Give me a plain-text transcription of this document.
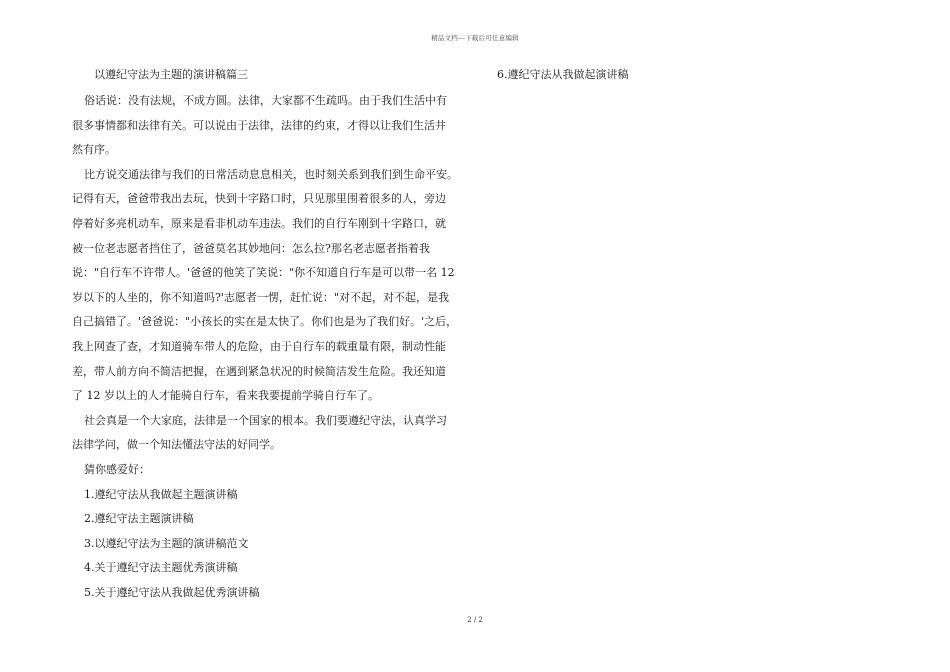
精品文档---下载后可任意编辑
以遵纪守法为主题的演讲稿篇三
俗话说：没有法规，不成方圆。法律，大家都不生疏吗。由于我们生活中有
很多事情都和法律有关。可以说由于法律，法律的约束，才得以让我们生活井
然有序。
比方说交通法律与我们的日常活动息息相关，也时刻关系到我们到生命平安。
记得有天，爸爸带我出去玩，快到十字路口时，只见那里围着很多的人，旁边
停着好多亮机动车，原来是看非机动车违法。我们的自行车刚到十字路口，就
被一位老志愿者挡住了，爸爸莫名其妙地问：怎么拉?那名老志愿者指着我
说："自行车不许带人。'爸爸的他笑了笑说："你不知道自行车是可以带一名 12
岁以下的人坐的，你不知道吗?'志愿者一愣，赶忙说："对不起，对不起，是我
自己搞错了。'爸爸说："小孩长的实在是太快了。你们也是为了我们好。'之后，
我上网查了查，才知道骑车带人的危险，由于自行车的载重量有限，制动性能
差，带人前方向不简洁把握，在遇到紧急状况的时候简洁发生危险。我还知道
了 12 岁以上的人才能骑自行车，看来我要提前学骑自行车了。
社会真是一个大家庭，法律是一个国家的根本。我们要遵纪守法，认真学习
法律学问，做一个知法懂法守法的好同学。
猜你感爱好：
1.遵纪守法从我做起主题演讲稿
2.遵纪守法主题演讲稿
3.以遵纪守法为主题的演讲稿范文
4.关于遵纪守法主题优秀演讲稿
5.关于遵纪守法从我做起优秀演讲稿
6.遵纪守法从我做起演讲稿
2 / 2
